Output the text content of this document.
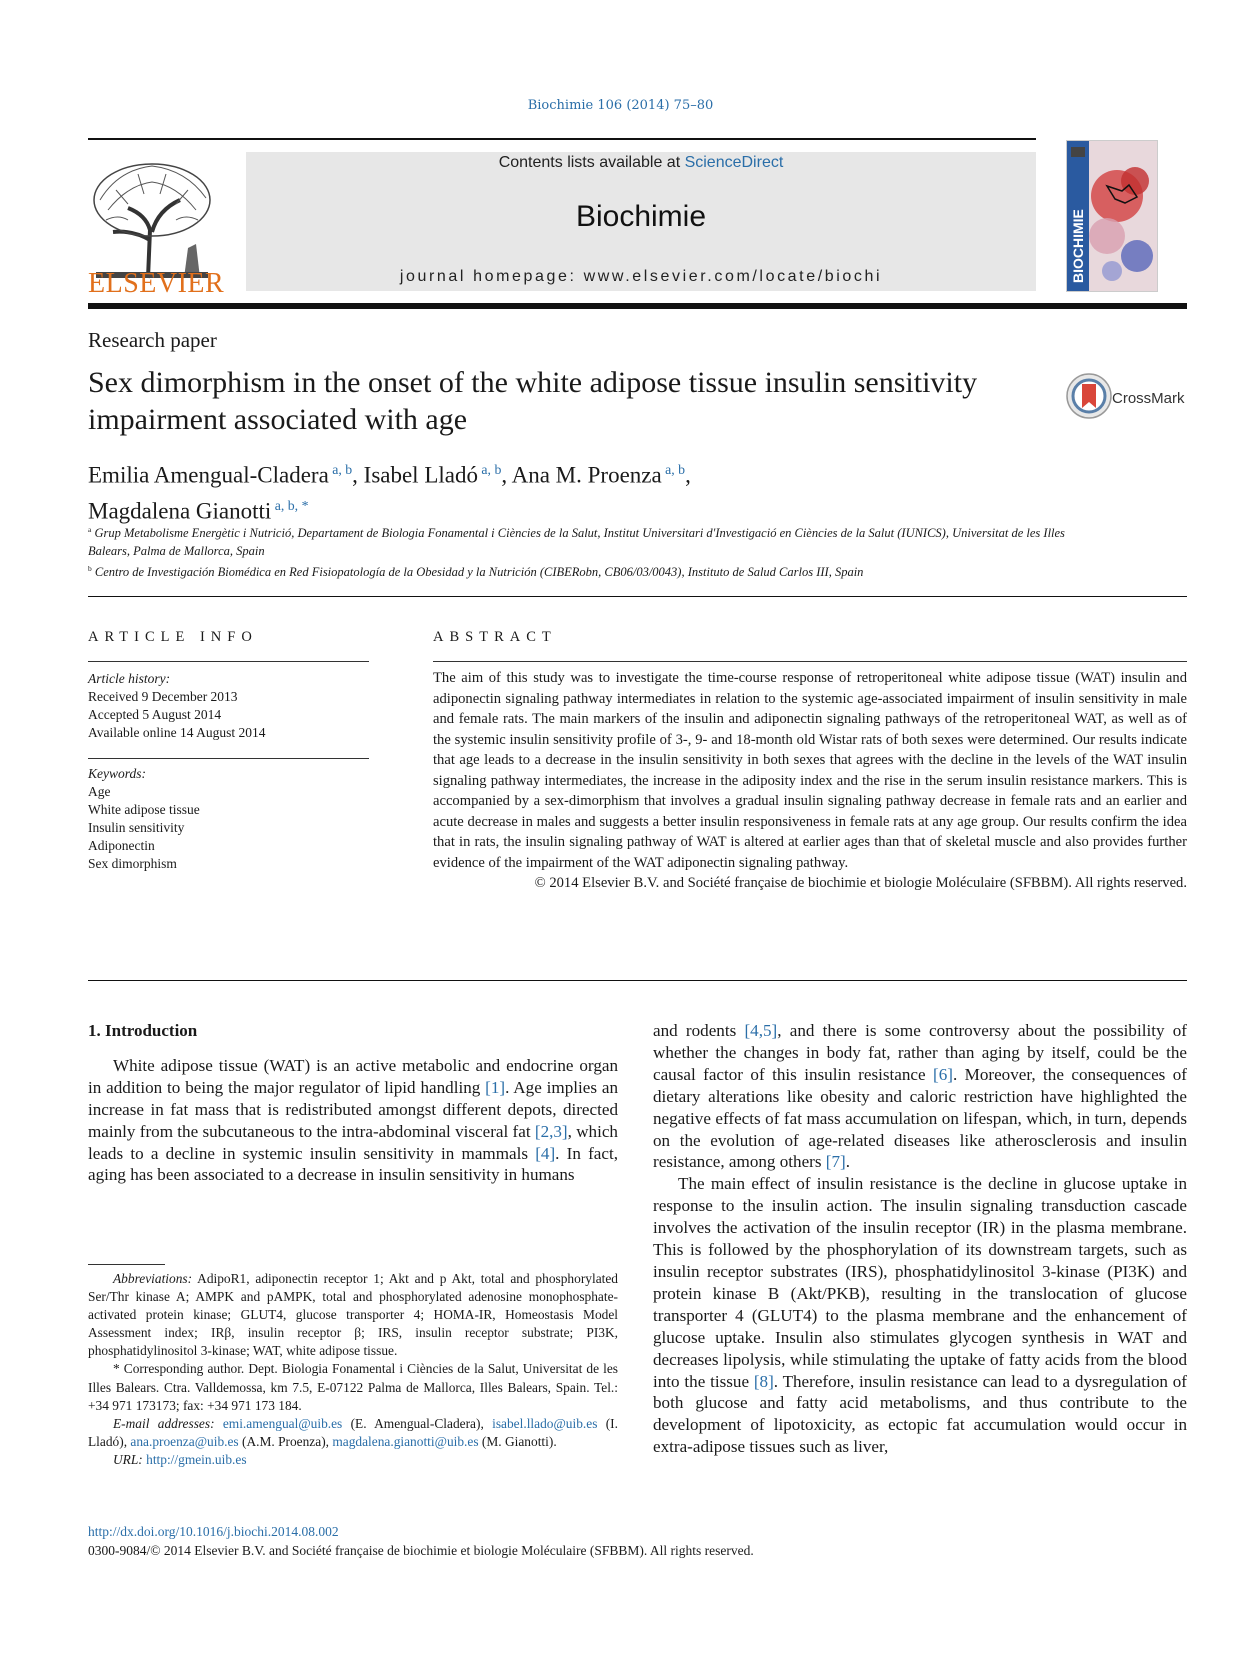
Biochimie 106 (2014) 75–80
ELSEVIER
Contents lists available at ScienceDirect
Biochimie
journal homepage: www.elsevier.com/locate/biochi	BIOCHIMIE
Research paper
Sex dimorphism in the onset of the white adipose tissue insulin sensitivity impairment associated with age
CrossMark
Emilia Amengual-Cladera $^{a, b}$, Isabel Lladó $^{a, b}$, Ana M. Proenza $^{a, b}$,
Magdalena Gianotti $^{a, b, *}$
$^a$ Grup Metabolisme Energètic i Nutrició, Departament de Biologia Fonamental i Ciències de la Salut, Institut Universitari d'Investigació en Ciències de la Salut (IUNICS), Universitat de les Illes Balears, Palma de Mallorca, Spain
$^b$ Centro de Investigación Biomédica en Red Fisiopatología de la Obesidad y la Nutrición (CIBERobn, CB06/03/0043), Instituto de Salud Carlos III, Spain
ARTICLE INFO
Article history:
Received 9 December 2013
Accepted 5 August 2014
Available online 14 August 2014
Keywords:
Age
White adipose tissue
Insulin sensitivity
Adiponectin
Sex dimorphism
ABSTRACT
The aim of this study was to investigate the time-course response of retroperitoneal white adipose tissue (WAT) insulin and adiponectin signaling pathway intermediates in relation to the systemic age-associated impairment of insulin sensitivity in male and female rats. The main markers of the insulin and adiponectin signaling pathways of the retroperitoneal WAT, as well as of the systemic insulin sensitivity profile of 3-, 9- and 18-month old Wistar rats of both sexes were determined. Our results indicate that age leads to a decrease in the insulin sensitivity in both sexes that agrees with the decline in the levels of the WAT insulin signaling pathway intermediates, the increase in the adiposity index and the rise in the serum insulin resistance markers. This is accompanied by a sex-dimorphism that involves a gradual insulin signaling pathway decrease in female rats and an earlier and acute decrease in males and suggests a better insulin responsiveness in female rats at any age group. Our results confirm the idea that in rats, the insulin signaling pathway of WAT is altered at earlier ages than that of skeletal muscle and also provides further evidence of the impairment of the WAT adiponectin signaling pathway.
© 2014 Elsevier B.V. and Société française de biochimie et biologie Moléculaire (SFBBM). All rights reserved.
1. Introduction

White adipose tissue (WAT) is an active metabolic and endocrine organ in addition to being the major regulator of lipid handling [1]. Age implies an increase in fat mass that is redistributed amongst different depots, directed mainly from the subcutaneous to the intra-abdominal visceral fat [2,3], which leads to a decline in systemic insulin sensitivity in mammals [4]. In fact, aging has been associated to a decrease in insulin sensitivity in humans

and rodents [4,5], and there is some controversy about the possibility of whether the changes in body fat, rather than aging by itself, could be the causal factor of this insulin resistance [6]. Moreover, the consequences of dietary alterations like obesity and caloric restriction have highlighted the negative effects of fat mass accumulation on lifespan, which, in turn, depends on the evolution of age-related diseases like atherosclerosis and insulin resistance, among others [7].

The main effect of insulin resistance is the decline in glucose uptake in response to the insulin action. The insulin signaling transduction cascade involves the activation of the insulin receptor (IR) in the plasma membrane. This is followed by the phosphorylation of its downstream targets, such as insulin receptor substrates (IRS), phosphatidylinositol 3-kinase (PI3K) and protein kinase B (Akt/PKB), resulting in the translocation of glucose transporter 4 (GLUT4) to the plasma membrane and the enhancement of glucose uptake. Insulin also stimulates glycogen synthesis in WAT and decreases lipolysis, while stimulating the uptake of fatty acids from the blood into the tissue [8]. Therefore, insulin resistance can lead to a dysregulation of both glucose and fatty acid metabolisms, and thus contribute to the development of lipotoxicity, as ectopic fat accumulation would occur in extra-adipose tissues such as liver,

Abbreviations: AdipoR1, adiponectin receptor 1; Akt and p Akt, total and phosphorylated Ser/Thr kinase A; AMPK and pAMPK, total and phosphorylated adenosine monophosphate-activated protein kinase; GLUT4, glucose transporter 4; HOMA-IR, Homeostasis Model Assessment index; IRβ, insulin receptor β; IRS, insulin receptor substrate; PI3K, phosphatidylinositol 3-kinase; WAT, white adipose tissue.

* Corresponding author. Dept. Biologia Fonamental i Ciències de la Salut, Universitat de les Illes Balears. Ctra. Valldemossa, km 7.5, E-07122 Palma de Mallorca, Illes Balears, Spain. Tel.: +34 971 173173; fax: +34 971 173 184.

E-mail addresses: emi.amengual@uib.es (E. Amengual-Cladera), isabel.llado@uib.es (I. Lladó), ana.proenza@uib.es (A.M. Proenza), magdalena.gianotti@uib.es (M. Gianotti).

URL: http://gmein.uib.es

http://dx.doi.org/10.1016/j.biochi.2014.08.002
0300-9084/© 2014 Elsevier B.V. and Société française de biochimie et biologie Moléculaire (SFBBM). All rights reserved.
